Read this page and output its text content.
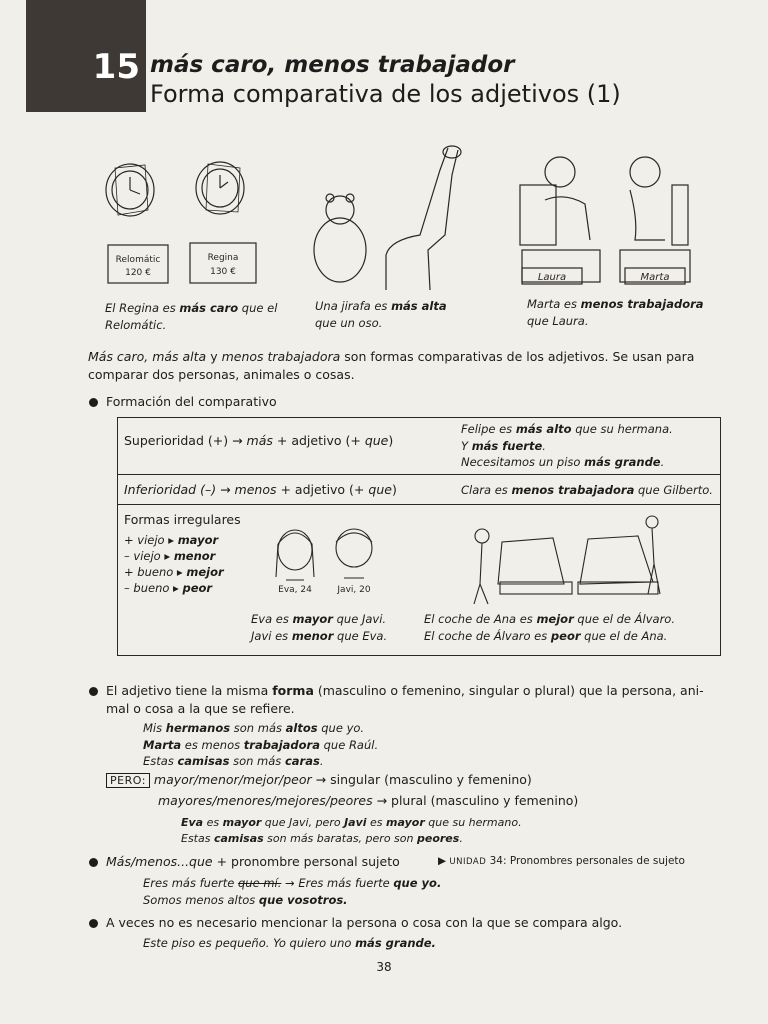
15 más caro, menos trabajador
Forma comparativa de los adjetivos (1)
Relomátic
120 €
Regina
130 €	Laura	Marta
El Regina es más caro que el Relomátic.
Una jirafa es más alta que un oso.
Marta es menos trabajadora que Laura.
Más caro, más alta y menos trabajadora son formas comparativas de los adjetivos. Se usan para comparar dos personas, animales o cosas.
Formación del comparativo
Superioridad (+) → más + adjetivo (+ que)
Felipe es más alto que su hermana.
Y más fuerte.
Necesitamos un piso más grande.
Inferioridad (–) → menos + adjetivo (+ que)	Clara es menos trabajadora que Gilberto.
Formas irregulares
+ viejo ▸ mayor
– viejo ▸ menor
+ bueno ▸ mejor
– bueno ▸ peor	Eva, 24	Javi, 20
Eva es mayor que Javi.
Javi es menor que Eva.
El coche de Ana es mejor que el de Álvaro.
El coche de Álvaro es peor que el de Ana.
El adjetivo tiene la misma forma (masculino o femenino, singular o plural) que la persona, ani-
mal o cosa a la que se refiere.
Mis hermanos son más altos que yo.
Marta es menos trabajadora que Raúl.
Estas camisas son más caras.
PERO: mayor/menor/mejor/peor → singular (masculino y femenino)
mayores/menores/mejores/peores → plural (masculino y femenino)
Eva es mayor que Javi, pero Javi es mayor que su hermano.
Estas camisas son más baratas, pero son peores.
Más/menos...que + pronombre personal sujeto	▶ UNIDAD 34: Pronombres personales de sujeto
Eres más fuerte que mí. → Eres más fuerte que yo.
Somos menos altos que vosotros.
A veces no es necesario mencionar la persona o cosa con la que se compara algo.
Este piso es pequeño. Yo quiero uno más grande.
38
